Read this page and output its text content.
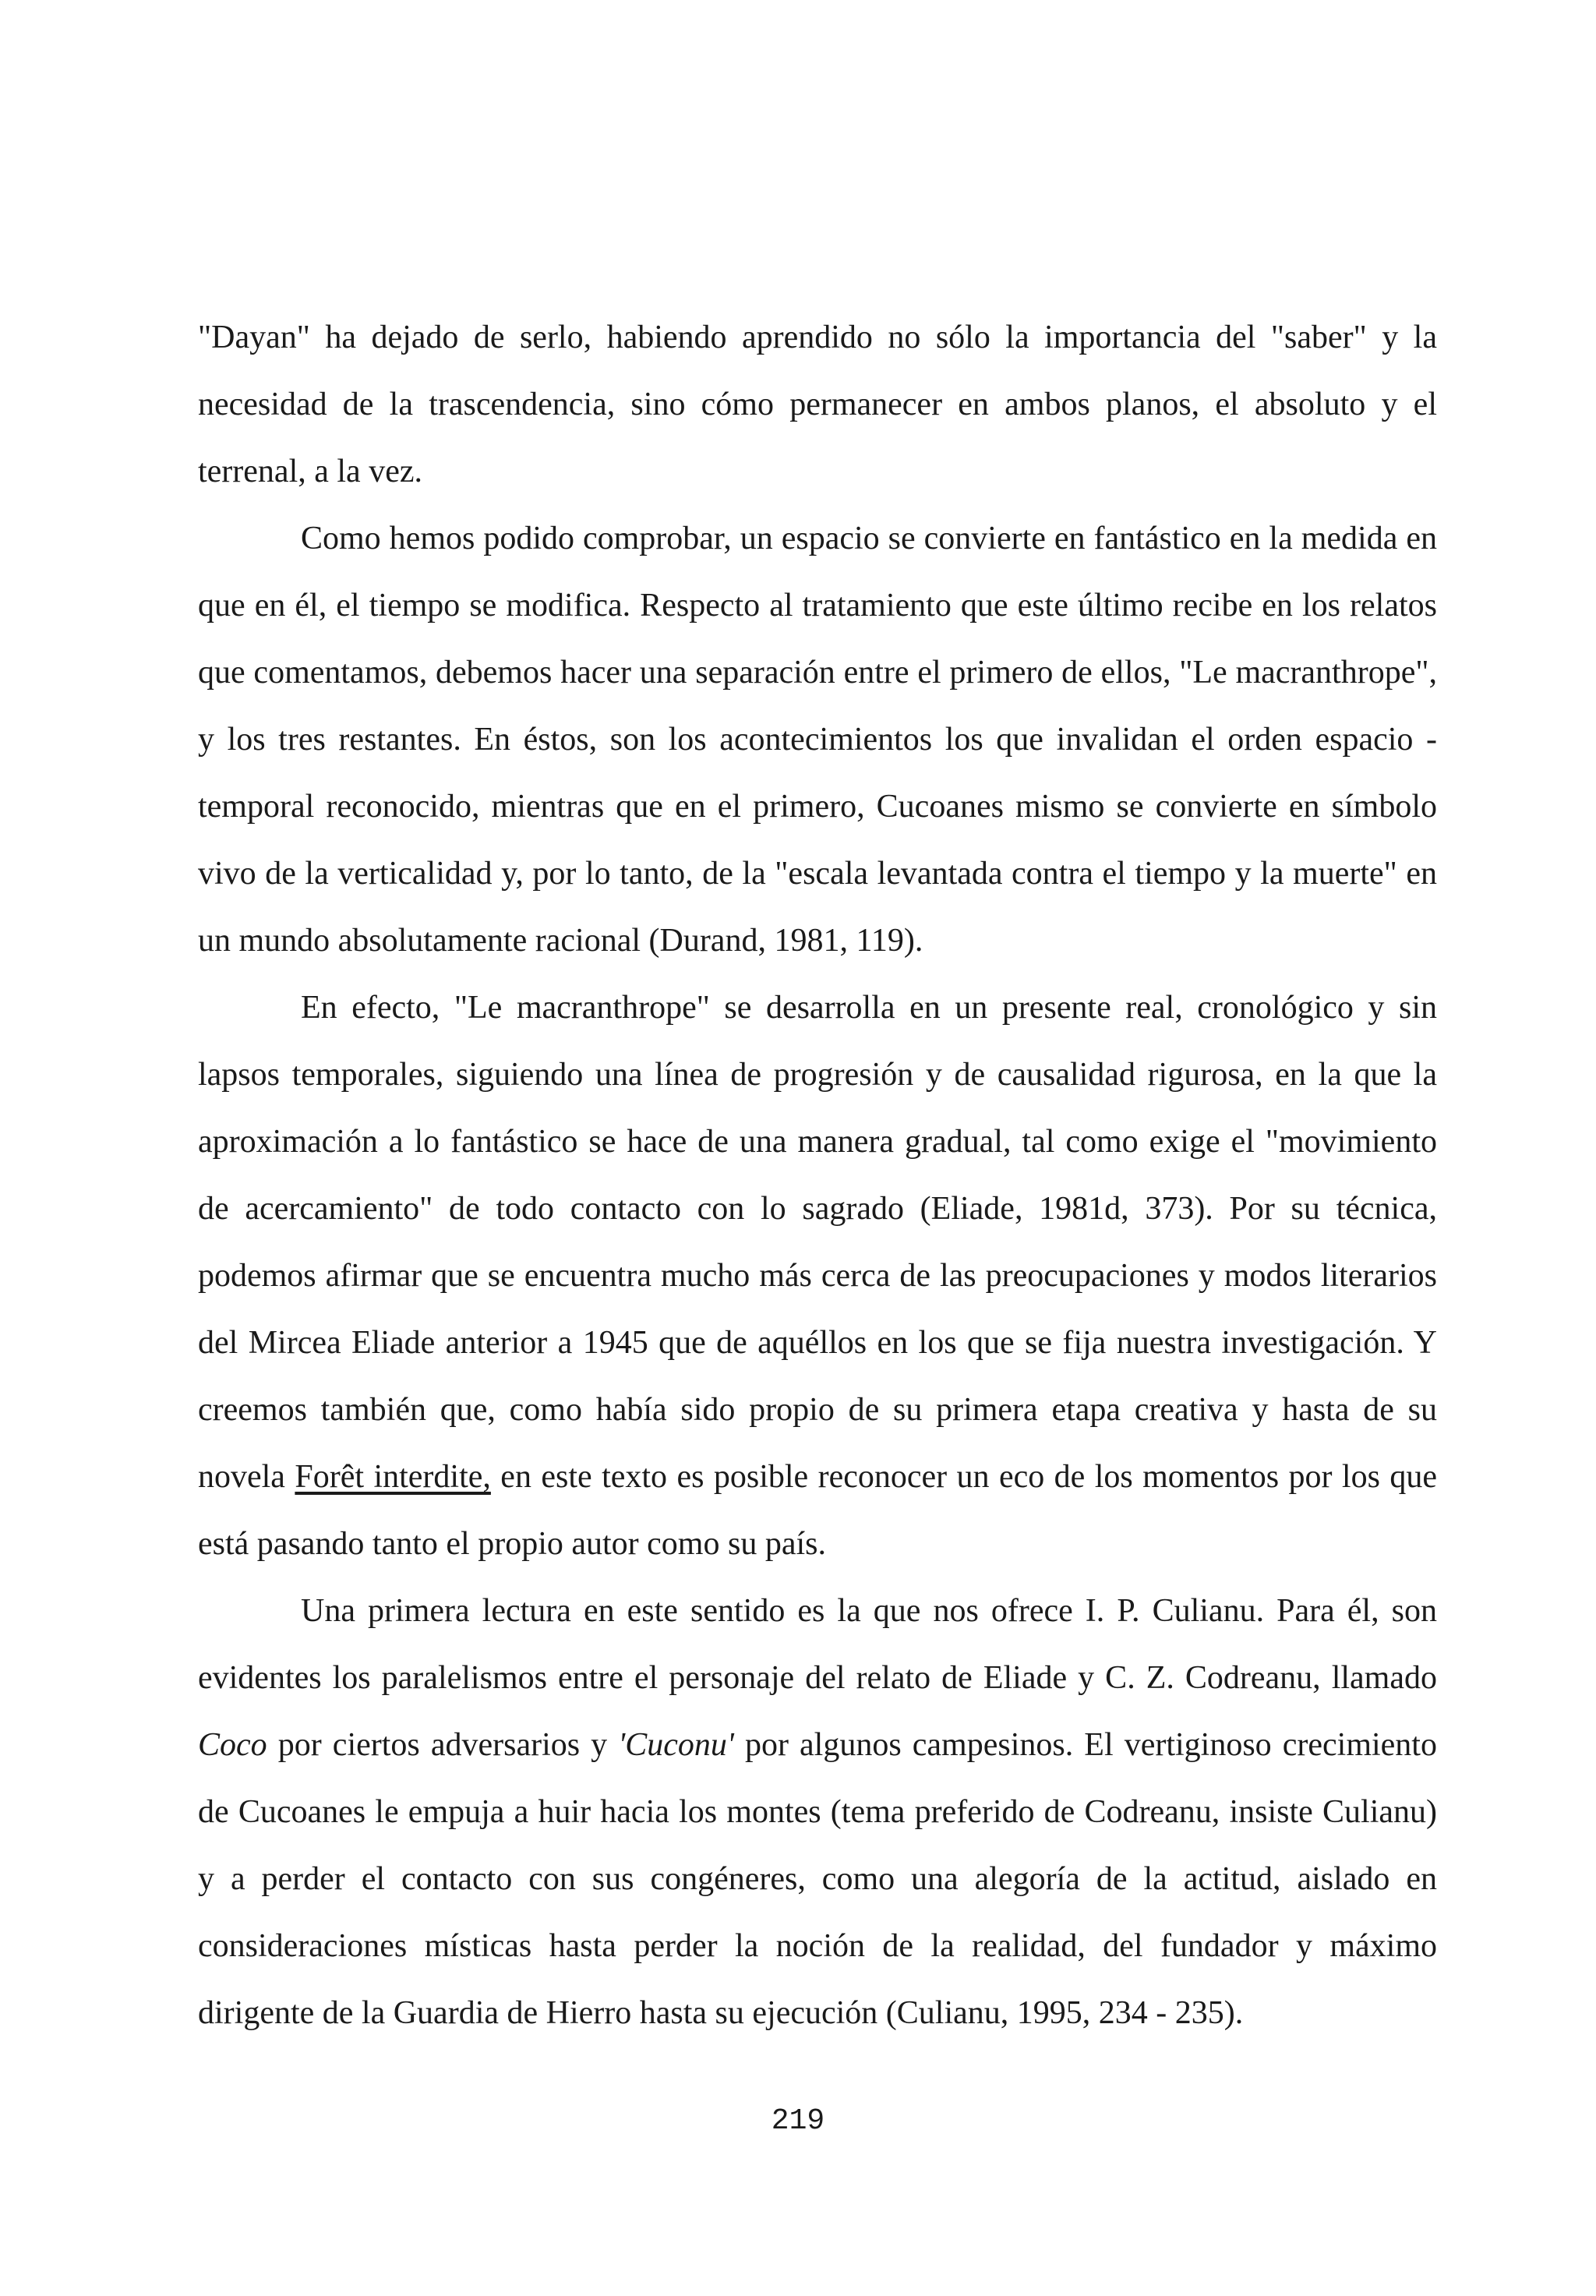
"Dayan" ha dejado de serlo, habiendo aprendido no sólo la importancia del "saber" y la necesidad de la trascendencia, sino cómo permanecer en ambos planos, el absoluto y el terrenal, a la vez.

Como hemos podido comprobar, un espacio se convierte en fantástico en la medida en que en él, el tiempo se modifica. Respecto al tratamiento que este último recibe en los relatos que comentamos, debemos hacer una separación entre el primero de ellos, "Le macranthrope", y los tres restantes. En éstos, son los acontecimientos los que invalidan el orden espacio - temporal reconocido, mientras que en el primero, Cucoanes mismo se convierte en símbolo vivo de la verticalidad y, por lo tanto, de la "escala levantada contra el tiempo y la muerte" en un mundo absolutamente racional (Durand, 1981, 119).

En efecto, "Le macranthrope" se desarrolla en un presente real, cronológico y sin lapsos temporales, siguiendo una línea de progresión y de causalidad rigurosa, en la que la aproximación a lo fantástico se hace de una manera gradual, tal como exige el "movimiento de acercamiento" de todo contacto con lo sagrado (Eliade, 1981d, 373). Por su técnica, podemos afirmar que se encuentra mucho más cerca de las preocupaciones y modos literarios del Mircea Eliade anterior a 1945 que de aquéllos en los que se fija nuestra investigación. Y creemos también que, como había sido propio de su primera etapa creativa y hasta de su novela Forêt interdite, en este texto es posible reconocer un eco de los momentos por los que está pasando tanto el propio autor como su país.

Una primera lectura en este sentido es la que nos ofrece I. P. Culianu. Para él, son evidentes los paralelismos entre el personaje del relato de Eliade y C. Z. Codreanu, llamado Coco por ciertos adversarios y 'Cuconu' por algunos campesinos. El vertiginoso crecimiento de Cucoanes le empuja a huir hacia los montes (tema preferido de Codreanu, insiste Culianu) y a perder el contacto con sus congéneres, como una alegoría de la actitud, aislado en consideraciones místicas hasta perder la noción de la realidad, del fundador y máximo dirigente de la Guardia de Hierro hasta su ejecución (Culianu, 1995, 234 - 235).

219
